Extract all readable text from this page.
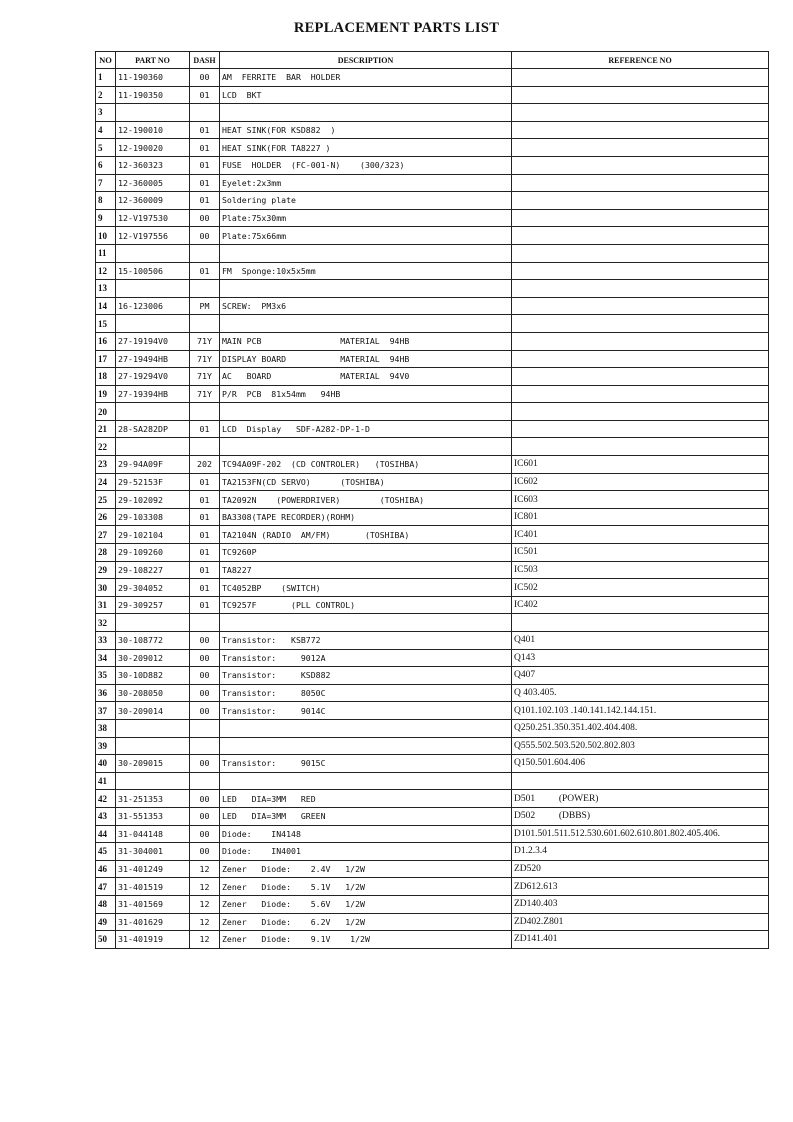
REPLACEMENT PARTS LIST
NO	PART NO	DASH	DESCRIPTION	REFERENCE NO
1	11-190360	00	AM  FERRITE  BAR  HOLDER	
2	11-190350	01	LCD  BKT	
3				
4	12-190010	01	HEAT SINK(FOR KSD882  )	
5	12-190020	01	HEAT SINK(FOR TA8227 )	
6	12-360323	01	FUSE  HOLDER  (FC-001-N)    (300/323)	
7	12-360005	01	Eyelet:2x3mm	
8	12-360009	01	Soldering plate	
9	12-V197530	00	Plate:75x30mm	
10	12-V197556	00	Plate:75x66mm	
11				
12	15-100506	01	FM  Sponge:10x5x5mm	
13				
14	16-123006	PM	SCREW:  PM3x6	
15				
16	27-19194V0	71Y	MAIN PCB                MATERIAL  94HB	
17	27-19494HB	71Y	DISPLAY BOARD           MATERIAL  94HB	
18	27-19294V0	71Y	AC   BOARD              MATERIAL  94V0	
19	27-19394HB	71Y	P/R  PCB  81x54mm   94HB	
20				
21	28-SA282DP	01	LCD  Display   SDF-A282-DP-1-D	
22				
23	29-94A09F	202	TC94A09F-202  (CD CONTROLER)   (TOSIHBA)	IC601
24	29-52153F	01	TA2153FN(CD SERVO)      (TOSHIBA)	IC602
25	29-102092	01	TA2092N    (POWERDRIVER)        (TOSHIBA)	IC603
26	29-103308	01	BA3308(TAPE RECORDER)(ROHM)	IC801
27	29-102104	01	TA2104N (RADIO  AM/FM)       (TOSHIBA)	IC401
28	29-109260	01	TC9260P	IC501
29	29-108227	01	TA8227	IC503
30	29-304052	01	TC4052BP    (SWITCH)	IC502
31	29-309257	01	TC9257F       (PLL CONTROL)	IC402
32				
33	30-108772	00	Transistor:   KSB772	Q401
34	30-209012	00	Transistor:     9012A	Q143
35	30-10D882	00	Transistor:     KSD882	Q407
36	30-208050	00	Transistor:     8050C	Q 403.405.
37	30-209014	00	Transistor:     9014C	Q101.102.103 .140.141.142.144.151.
38				Q250.251.350.351.402.404.408.
39				Q555.502.503.520.502.802.803
40	30-209015	00	Transistor:     9015C	Q150.501.604.406
41				
42	31-251353	00	LED   DIA=3MM   RED	D501          (POWER)
43	31-551353	00	LED   DIA=3MM   GREEN	D502          (DBBS)
44	31-044148	00	Diode:    IN4148	D101.501.511.512.530.601.602.610.801.802.405.406.
45	31-304001	00	Diode:    IN4001	D1.2.3.4
46	31-401249	12	Zener   Diode:    2.4V   1/2W	ZD520
47	31-401519	12	Zener   Diode:    5.1V   1/2W	ZD612.613
48	31-401569	12	Zener   Diode:    5.6V   1/2W	ZD140.403
49	31-401629	12	Zener   Diode:    6.2V   1/2W	ZD402.Z801
50	31-401919	12	Zener   Diode:    9.1V    1/2W	ZD141.401
